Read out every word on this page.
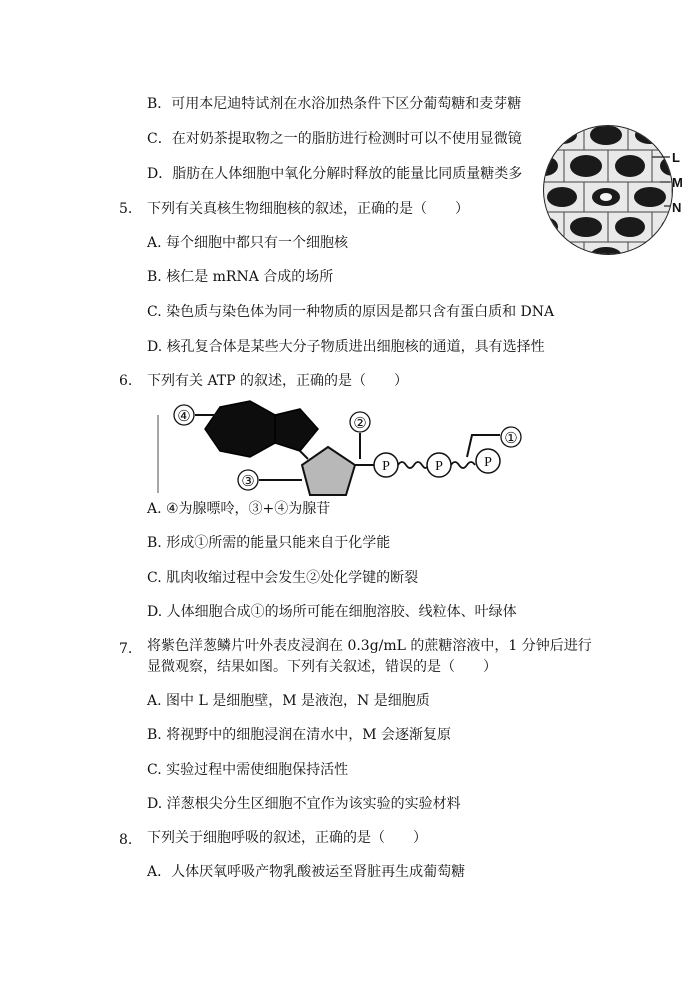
B．可用本尼迪特试剂在水浴加热条件下区分葡萄糖和麦芽糖
C．在对奶茶提取物之一的脂肪进行检测时可以不使用显微镜
D．脂肪在人体细胞中氧化分解时释放的能量比同质量糖类多
L
M
N
5. 下列有关真核生物细胞核的叙述，正确的是（　　）
A. 每个细胞中都只有一个细胞核
B. 核仁是 mRNA 合成的场所
C. 染色质与染色体为同一种物质的原因是都只含有蛋白质和 DNA
D. 核孔复合体是某些大分子物质进出细胞核的通道，具有选择性
6. 下列有关 ATP 的叙述，正确的是（　　）
④
③
②
P	P	P
①
A. ④为腺嘌呤，③+④为腺苷
B. 形成①所需的能量只能来自于化学能
C. 肌肉收缩过程中会发生②处化学键的断裂
D. 人体细胞合成①的场所可能在细胞溶胶、线粒体、叶绿体
7. 将紫色洋葱鳞片叶外表皮浸润在 0.3g/mL 的蔗糖溶液中，1 分钟后进行
显微观察，结果如图。下列有关叙述，错误的是（　　）
A. 图中 L 是细胞壁，M 是液泡，N 是细胞质
B. 将视野中的细胞浸润在清水中，M 会逐渐复原
C. 实验过程中需使细胞保持活性
D. 洋葱根尖分生区细胞不宜作为该实验的实验材料
8. 下列关于细胞呼吸的叙述，正确的是（　　）
A．人体厌氧呼吸产物乳酸被运至肾脏再生成葡萄糖
